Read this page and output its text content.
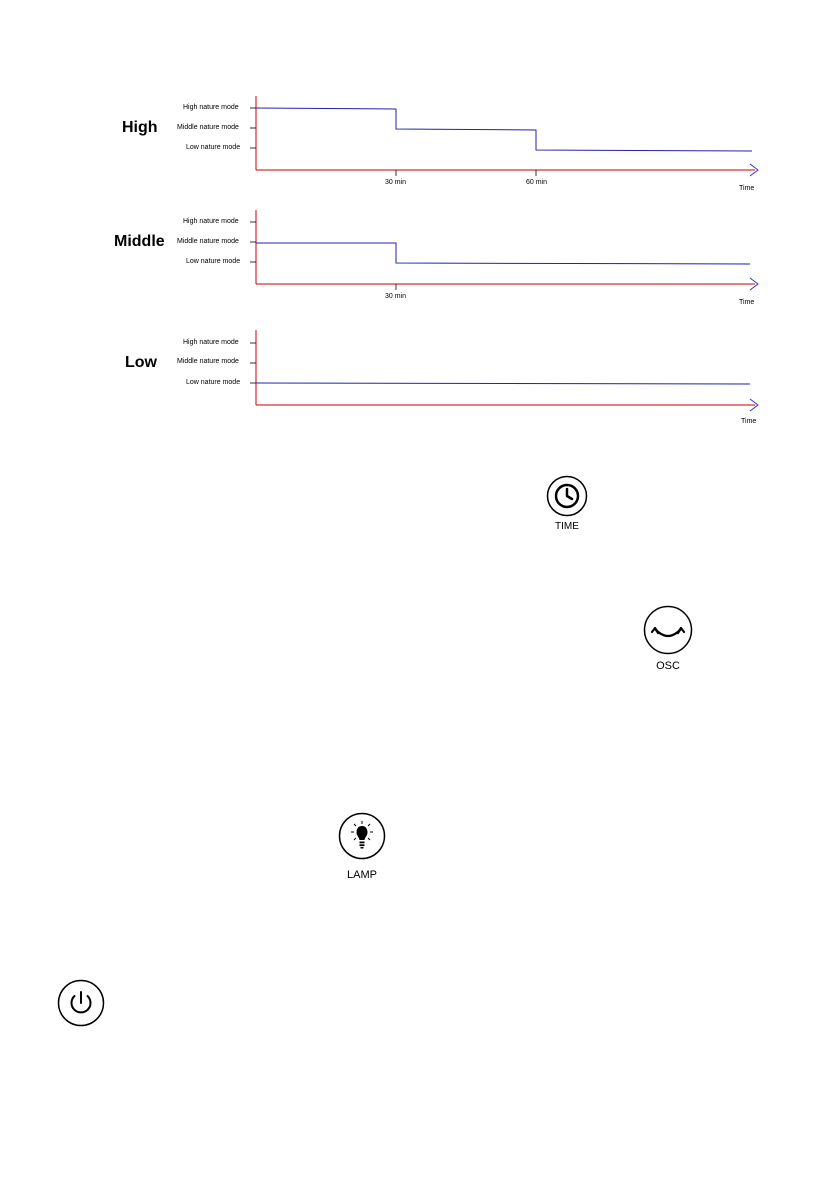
High
Middle
Low
High nature mode
Middle nature mode
Low nature mode
30 min	60 min
Time
High nature mode
Middle nature mode
Low nature mode
30 min
Time
High nature mode
Middle nature mode
Low nature mode
Time
TIME
OSC
LAMP
